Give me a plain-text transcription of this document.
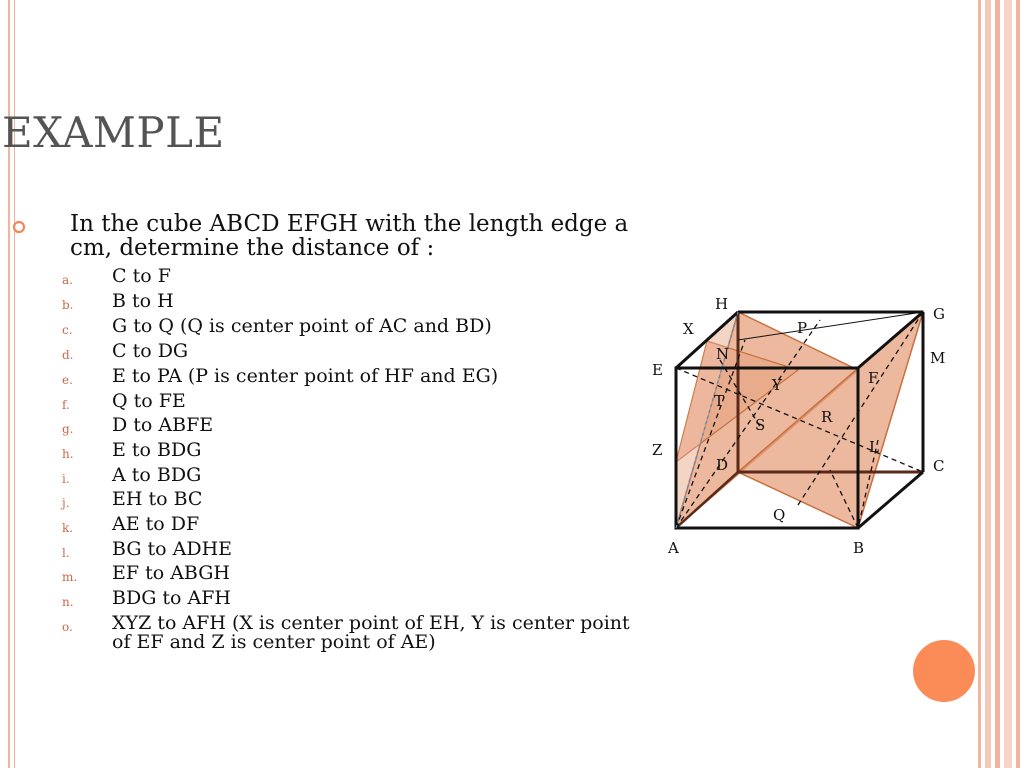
EXAMPLE
In the cube ABCD EFGH with the length edge a cm, determine the distance of :
a. C to F
b. B to H
c. G to Q (Q is center point of AC and BD)
d. C to DG
e. E to PA (P is center point of HF and EG)
f. Q to FE
g. D to ABFE
h. E to BDG
i. A to BDG
j. EH to BC
k. AE to DF
l. BG to ADHE
m. EF to ABGH
n. BDG to AFH
o. XYZ to AFH (X is center point of EH, Y is center point of EF and Z is center point of AE)
H
G
X	P
E
N	M
F
Y
T
S	R
Z	L
D	C
Q
A	B
